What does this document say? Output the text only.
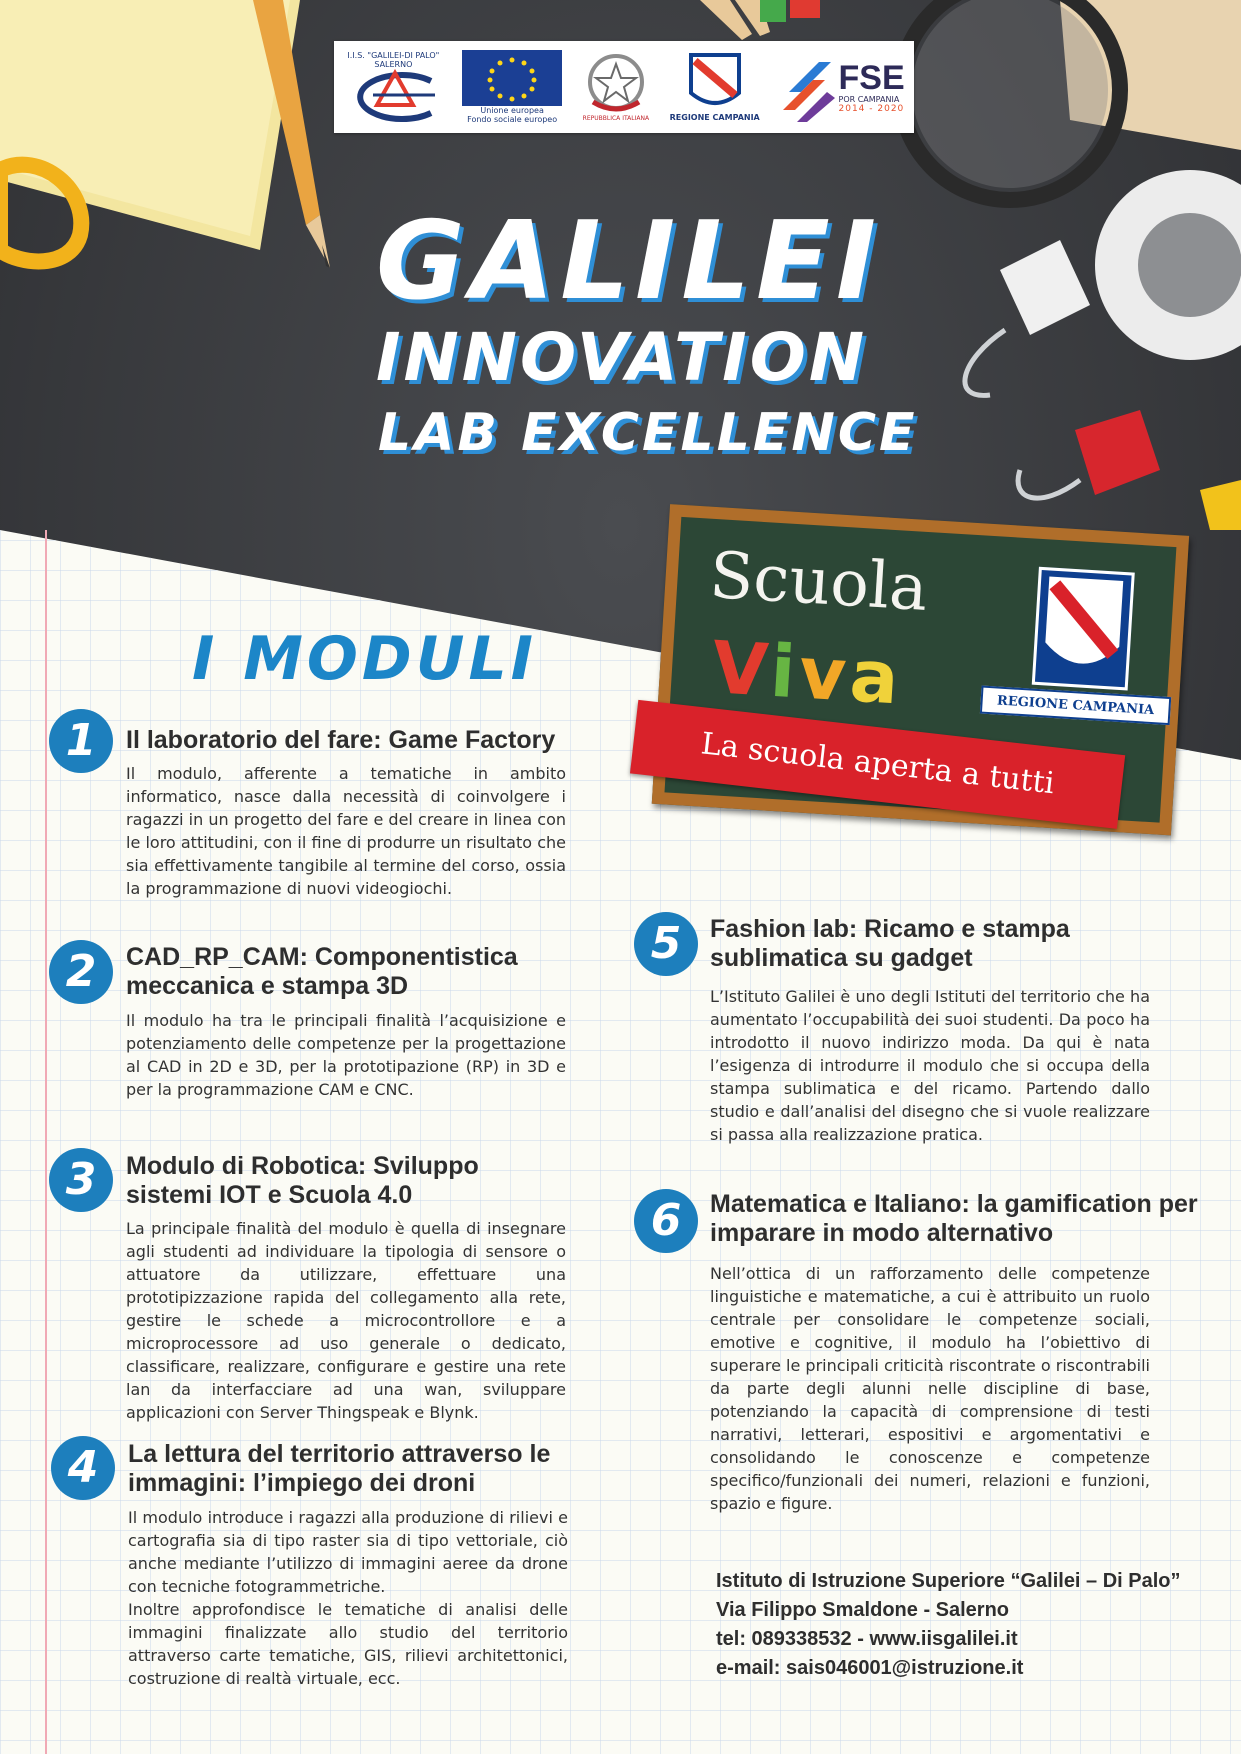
I.I.S. "GALILEI-DI PALO"
SALERNO
Unione europea
Fondo sociale europeo	REPUBBLICA ITALIANA	REGIONE CAMPANIA
FSE
POR CAMPANIA
2014 - 2020
GALILEI
INNOVATION
LAB EXCELLENCE
Scuola
Viva	REGIONE CAMPANIA
La scuola aperta a tutti
I MODULI
1	Il laboratorio del fare: Game Factory
Il modulo, afferente a tematiche in ambito informatico, nasce dalla necessità di coinvolgere i ragazzi in un progetto del fare e del creare in linea con le loro attitudini, con il fine di produrre un risultato che sia effettivamente tangibile al termine del corso, ossia la programmazione di nuovi videogiochi.
2	CAD_RP_CAM: Componentistica meccanica e stampa 3D
Il modulo ha tra le principali finalità l’acquisizione e potenziamento delle competenze per la progettazione al CAD in 2D e 3D, per la prototipazione (RP) in 3D e per la programmazione CAM e CNC.
3	Modulo di Robotica: Sviluppo sistemi IOT e Scuola 4.0
La principale finalità del modulo è quella di insegnare agli studenti ad individuare la tipologia di sensore o attuatore da utilizzare, effettuare una prototipizzazione rapida del collegamento alla rete, gestire le schede a microcontrollore e a microprocessore ad uso generale o dedicato, classificare, realizzare, configurare e gestire una rete lan da interfacciare ad una wan, sviluppare applicazioni con Server Thingspeak e Blynk.
4	La lettura del territorio attraverso le immagini: l’impiego dei droni
Il modulo introduce i ragazzi alla produzione di rilievi e cartografia sia di tipo raster sia di tipo vettoriale, ciò anche mediante l’utilizzo di immagini aeree da drone con tecniche fotogrammetriche.
Inoltre approfondisce le tematiche di analisi delle immagini finalizzate allo studio del territorio attraverso carte tematiche, GIS, rilievi architettonici, costruzione di realtà virtuale, ecc.
5	Fashion lab: Ricamo e stampa sublimatica su gadget
L’Istituto Galilei è uno degli Istituti del territorio che ha aumentato l’occupabilità dei suoi studenti. Da poco ha introdotto il nuovo indirizzo moda. Da qui è nata l’esigenza di introdurre il modulo che si occupa della stampa sublimatica e del ricamo. Partendo dallo studio e dall’analisi del disegno che si vuole realizzare si passa alla realizzazione pratica.
6	Matematica e Italiano: la gamification per imparare in modo alternativo
Nell’ottica di un rafforzamento delle competenze linguistiche e matematiche, a cui è attribuito un ruolo centrale per consolidare le competenze sociali, emotive e cognitive, il modulo ha l’obiettivo di superare le principali criticità riscontrate o riscontrabili da parte degli alunni nelle discipline di base, potenziando la capacità di comprensione di testi narrativi, letterari, espositivi e argomentativi e consolidando le conoscenze e competenze specifico/funzionali dei numeri, relazioni e funzioni, spazio e figure.
Istituto di Istruzione Superiore “Galilei – Di Palo”
Via Filippo Smaldone - Salerno
tel: 089338532 - www.iisgalilei.it
e-mail: sais046001@istruzione.it
